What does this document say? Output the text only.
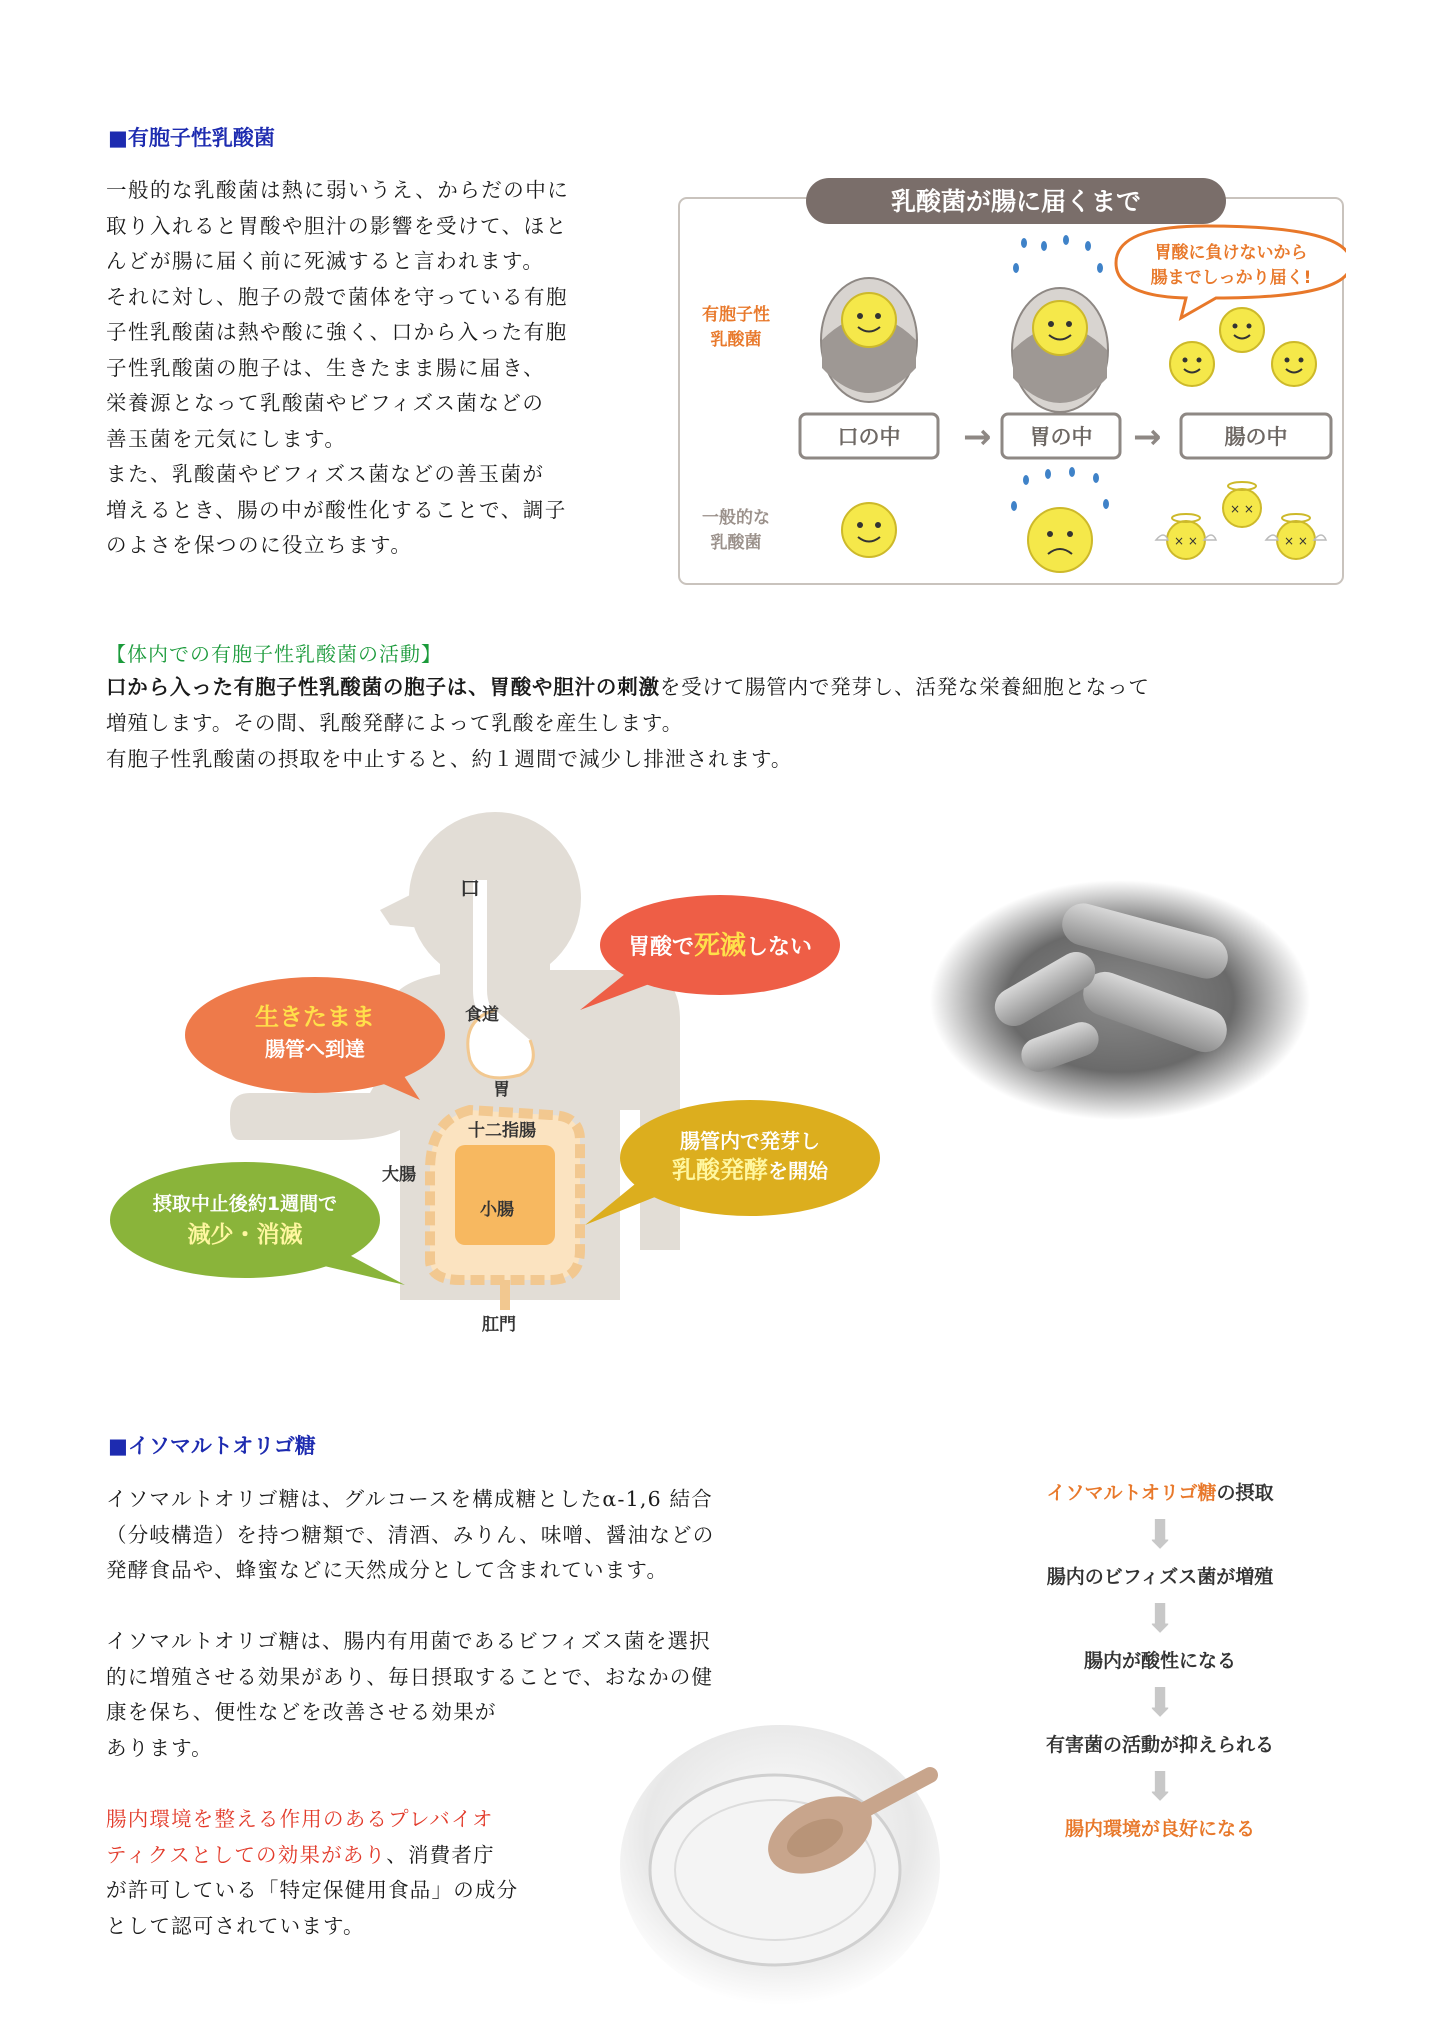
■有胞子性乳酸菌
一般的な乳酸菌は熱に弱いうえ、からだの中に
取り入れると胃酸や胆汁の影響を受けて、ほと
んどが腸に届く前に死滅すると言われます。
それに対し、胞子の殻で菌体を守っている有胞
子性乳酸菌は熱や酸に強く、口から入った有胞
子性乳酸菌の胞子は、生きたまま腸に届き、
栄養源となって乳酸菌やビフィズス菌などの
善玉菌を元気にします。
また、乳酸菌やビフィズス菌などの善玉菌が
増えるとき、腸の中が酸性化することで、調子
のよさを保つのに役立ちます。
乳酸菌が腸に届くまで
胃酸に負けないから
腸までしっかり届く!
有胞子性
乳酸菌
一般的な
乳酸菌
口の中 → 胃の中 →	腸の中
× ×
× ×	× ×
【体内での有胞子性乳酸菌の活動】
口から入った有胞子性乳酸菌の胞子は、胃酸や胆汁の刺激を受けて腸管内で発芽し、活発な栄養細胞となって
増殖します。その間、乳酸発酵によって乳酸を産生します。
有胞子性乳酸菌の摂取を中止すると、約１週間で減少し排泄されます。
口
食道
胃
十二指腸
大腸
小腸
肛門
胃酸で死滅しない
生きたまま
腸管へ到達
腸管内で発芽し
乳酸発酵を開始
摂取中止後約1週間で
減少・消滅
■イソマルトオリゴ糖
イソマルトオリゴ糖は、グルコースを構成糖としたα-1,6 結合
（分岐構造）を持つ糖類で、清酒、みりん、味噌、醤油などの
発酵食品や、蜂蜜などに天然成分として含まれています。
イソマルトオリゴ糖は、腸内有用菌であるビフィズス菌を選択
的に増殖させる効果があり、毎日摂取することで、おなかの健
康を保ち、便性などを改善させる効果が
あります。
腸内環境を整える作用のあるプレバイオ
ティクスとしての効果があり、消費者庁
が許可している「特定保健用食品」の成分
として認可されています。
イソマルトオリゴ糖の摂取
⬇
腸内のビフィズス菌が増殖
⬇
腸内が酸性になる
⬇
有害菌の活動が抑えられる
⬇
腸内環境が良好になる
